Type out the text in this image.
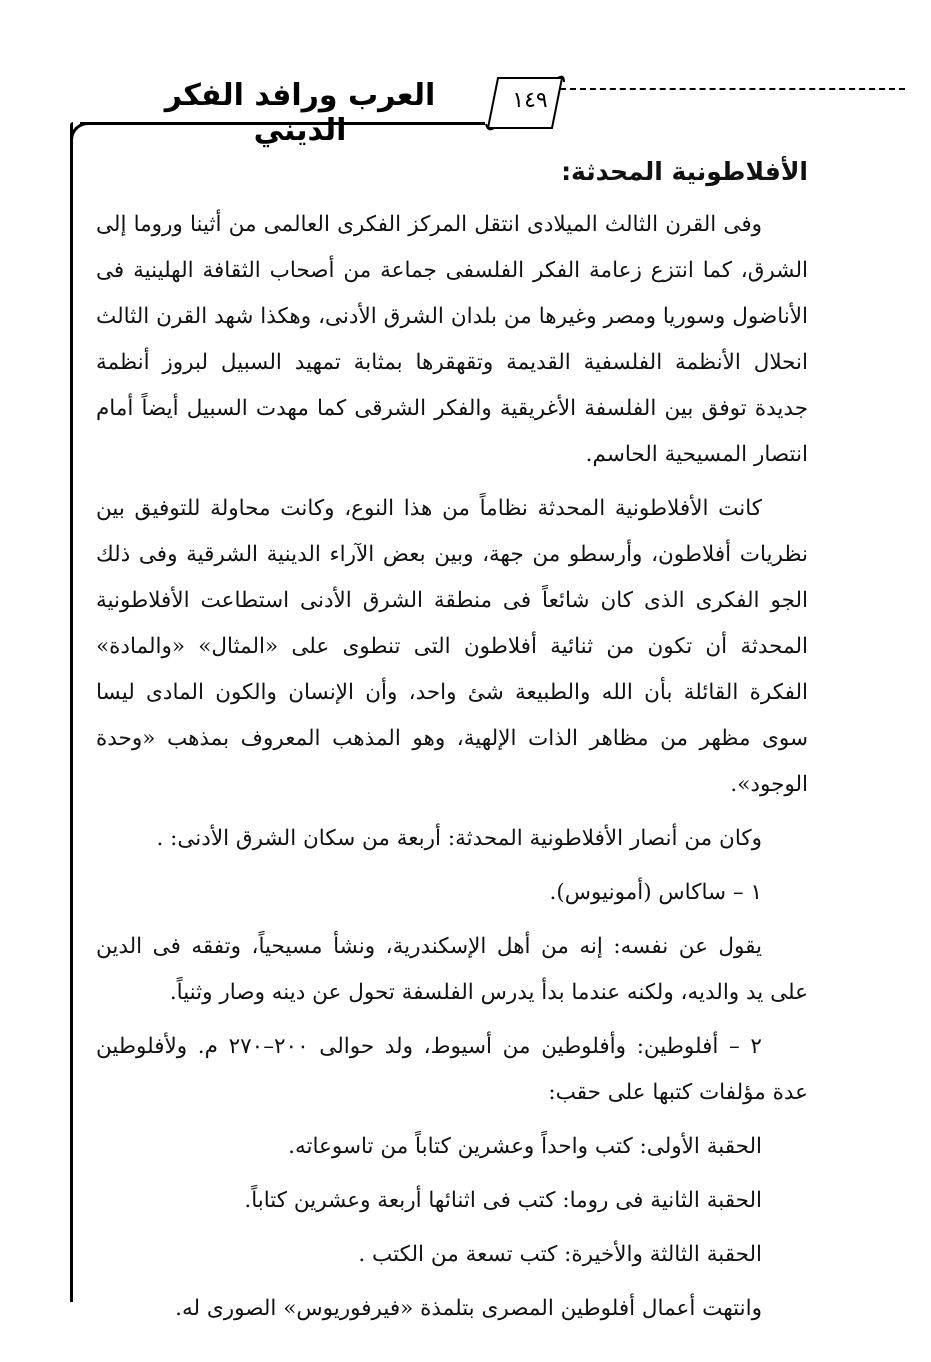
العرب ورافد الفكر الديني
١٤٩
الأفلاطونية المحدثة:

وفى القرن الثالث الميلادى انتقل المركز الفكرى العالمى من أثينا وروما إلى الشرق، كما انتزع زعامة الفكر الفلسفى جماعة من أصحاب الثقافة الهلينية فى الأناضول وسوريا ومصر وغيرها من بلدان الشرق الأدنى، وهكذا شهد القرن الثالث انحلال الأنظمة الفلسفية القديمة وتقهقرها بمثابة تمهيد السبيل لبروز أنظمة جديدة توفق بين الفلسفة الأغريقية والفكر الشرقى كما مهدت السبيل أيضاً أمام انتصار المسيحية الحاسم.

كانت الأفلاطونية المحدثة نظاماً من هذا النوع، وكانت محاولة للتوفيق بين نظريات أفلاطون، وأرسطو من جهة، وبين بعض الآراء الدينية الشرقية وفى ذلك الجو الفكرى الذى كان شائعاً فى منطقة الشرق الأدنى استطاعت الأفلاطونية المحدثة أن تكون من ثنائية أفلاطون التى تنطوى على «المثال» «والمادة» الفكرة القائلة بأن الله والطبيعة شئ واحد، وأن الإنسان والكون المادى ليسا سوى مظهر من مظاهر الذات الإلهية، وهو المذهب المعروف بمذهب «وحدة الوجود».

وكان من أنصار الأفلاطونية المحدثة: أربعة من سكان الشرق الأدنى: .

١ – ساكاس (أمونيوس).

يقول عن نفسه: إنه من أهل الإسكندرية، ونشأ مسيحياً، وتفقه فى الدين على يد والديه، ولكنه عندما بدأ يدرس الفلسفة تحول عن دينه وصار وثنياً.

٢ – أفلوطين: وأفلوطين من أسيوط، ولد حوالى ٢٠٠–٢٧٠ م. ولأفلوطين عدة مؤلفات كتبها على حقب:

الحقبة الأولى: كتب واحداً وعشرين كتاباً من تاسوعاته.

الحقبة الثانية فى روما: كتب فى اثنائها أربعة وعشرين كتاباً.

الحقبة الثالثة والأخيرة: كتب تسعة من الكتب .

وانتهت أعمال أفلوطين المصرى بتلمذة «فيرفوريوس» الصورى له.
